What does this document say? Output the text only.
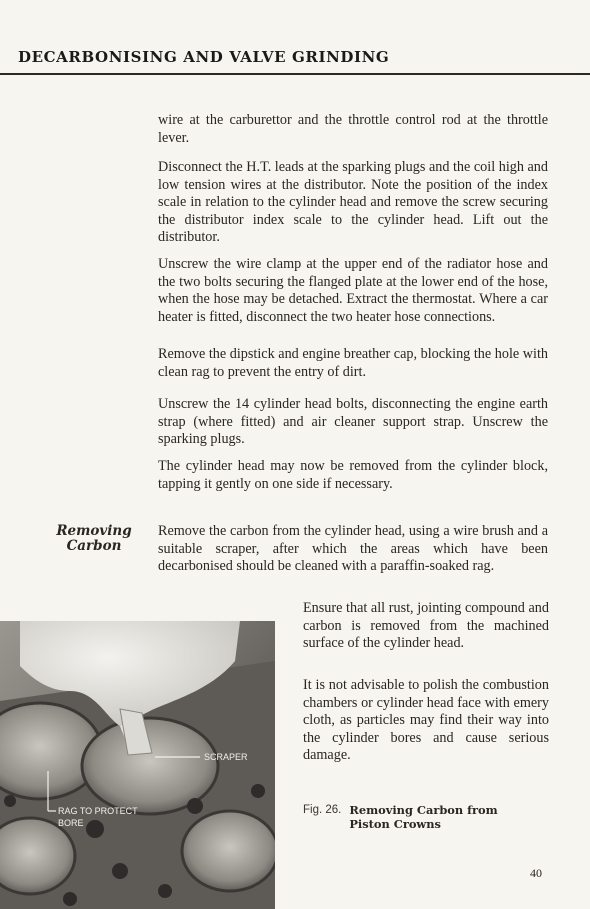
DECARBONISING AND VALVE GRINDING

wire at the carburettor and the throttle control rod at the throttle lever.

Disconnect the H.T. leads at the sparking plugs and the coil high and low tension wires at the distributor. Note the position of the index scale in relation to the cylinder head and remove the screw securing the distributor index scale to the cylinder head. Lift out the distributor.

Unscrew the wire clamp at the upper end of the radiator hose and the two bolts securing the flanged plate at the lower end of the hose, when the hose may be detached. Extract the thermostat. Where a car heater is fitted, disconnect the two heater hose connections.

Remove the dipstick and engine breather cap, blocking the hole with clean rag to prevent the entry of dirt.

Unscrew the 14 cylinder head bolts, disconnecting the engine earth strap (where fitted) and air cleaner support strap. Unscrew the sparking plugs.

The cylinder head may now be removed from the cylinder block, tapping it gently on one side if necessary.

Removing
Carbon

Remove the carbon from the cylinder head, using a wire brush and a suitable scraper, after which the areas which have been decarbonised should be cleaned with a paraffin-soaked rag.

Ensure that all rust, jointing compound and carbon is removed from the machined surface of the cylinder head.

It is not advisable to polish the combustion chambers or cylinder head face with emery cloth, as particles may find their way into the cylinder bores and cause serious damage.

SCRAPER
RAG TO PROTECT
BORE
Fig. 26. Removing Carbon from
Piston Crowns
40
